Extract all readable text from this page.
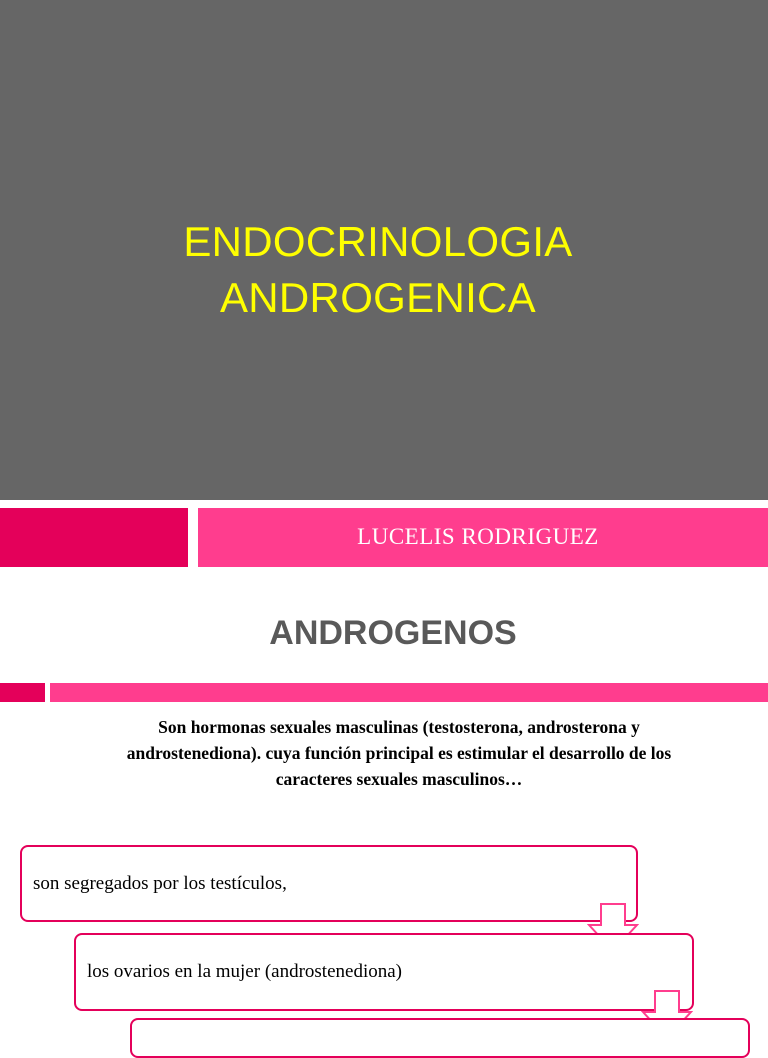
ENDOCRINOLOGIA
ANDROGENICA
LUCELIS RODRIGUEZ
ANDROGENOS
Son hormonas sexuales masculinas (testosterona, androsterona y
androstenediona). cuya función principal es estimular el desarrollo de los
caracteres sexuales masculinos…
son segregados por los testículos,
los ovarios en la mujer (androstenediona)
